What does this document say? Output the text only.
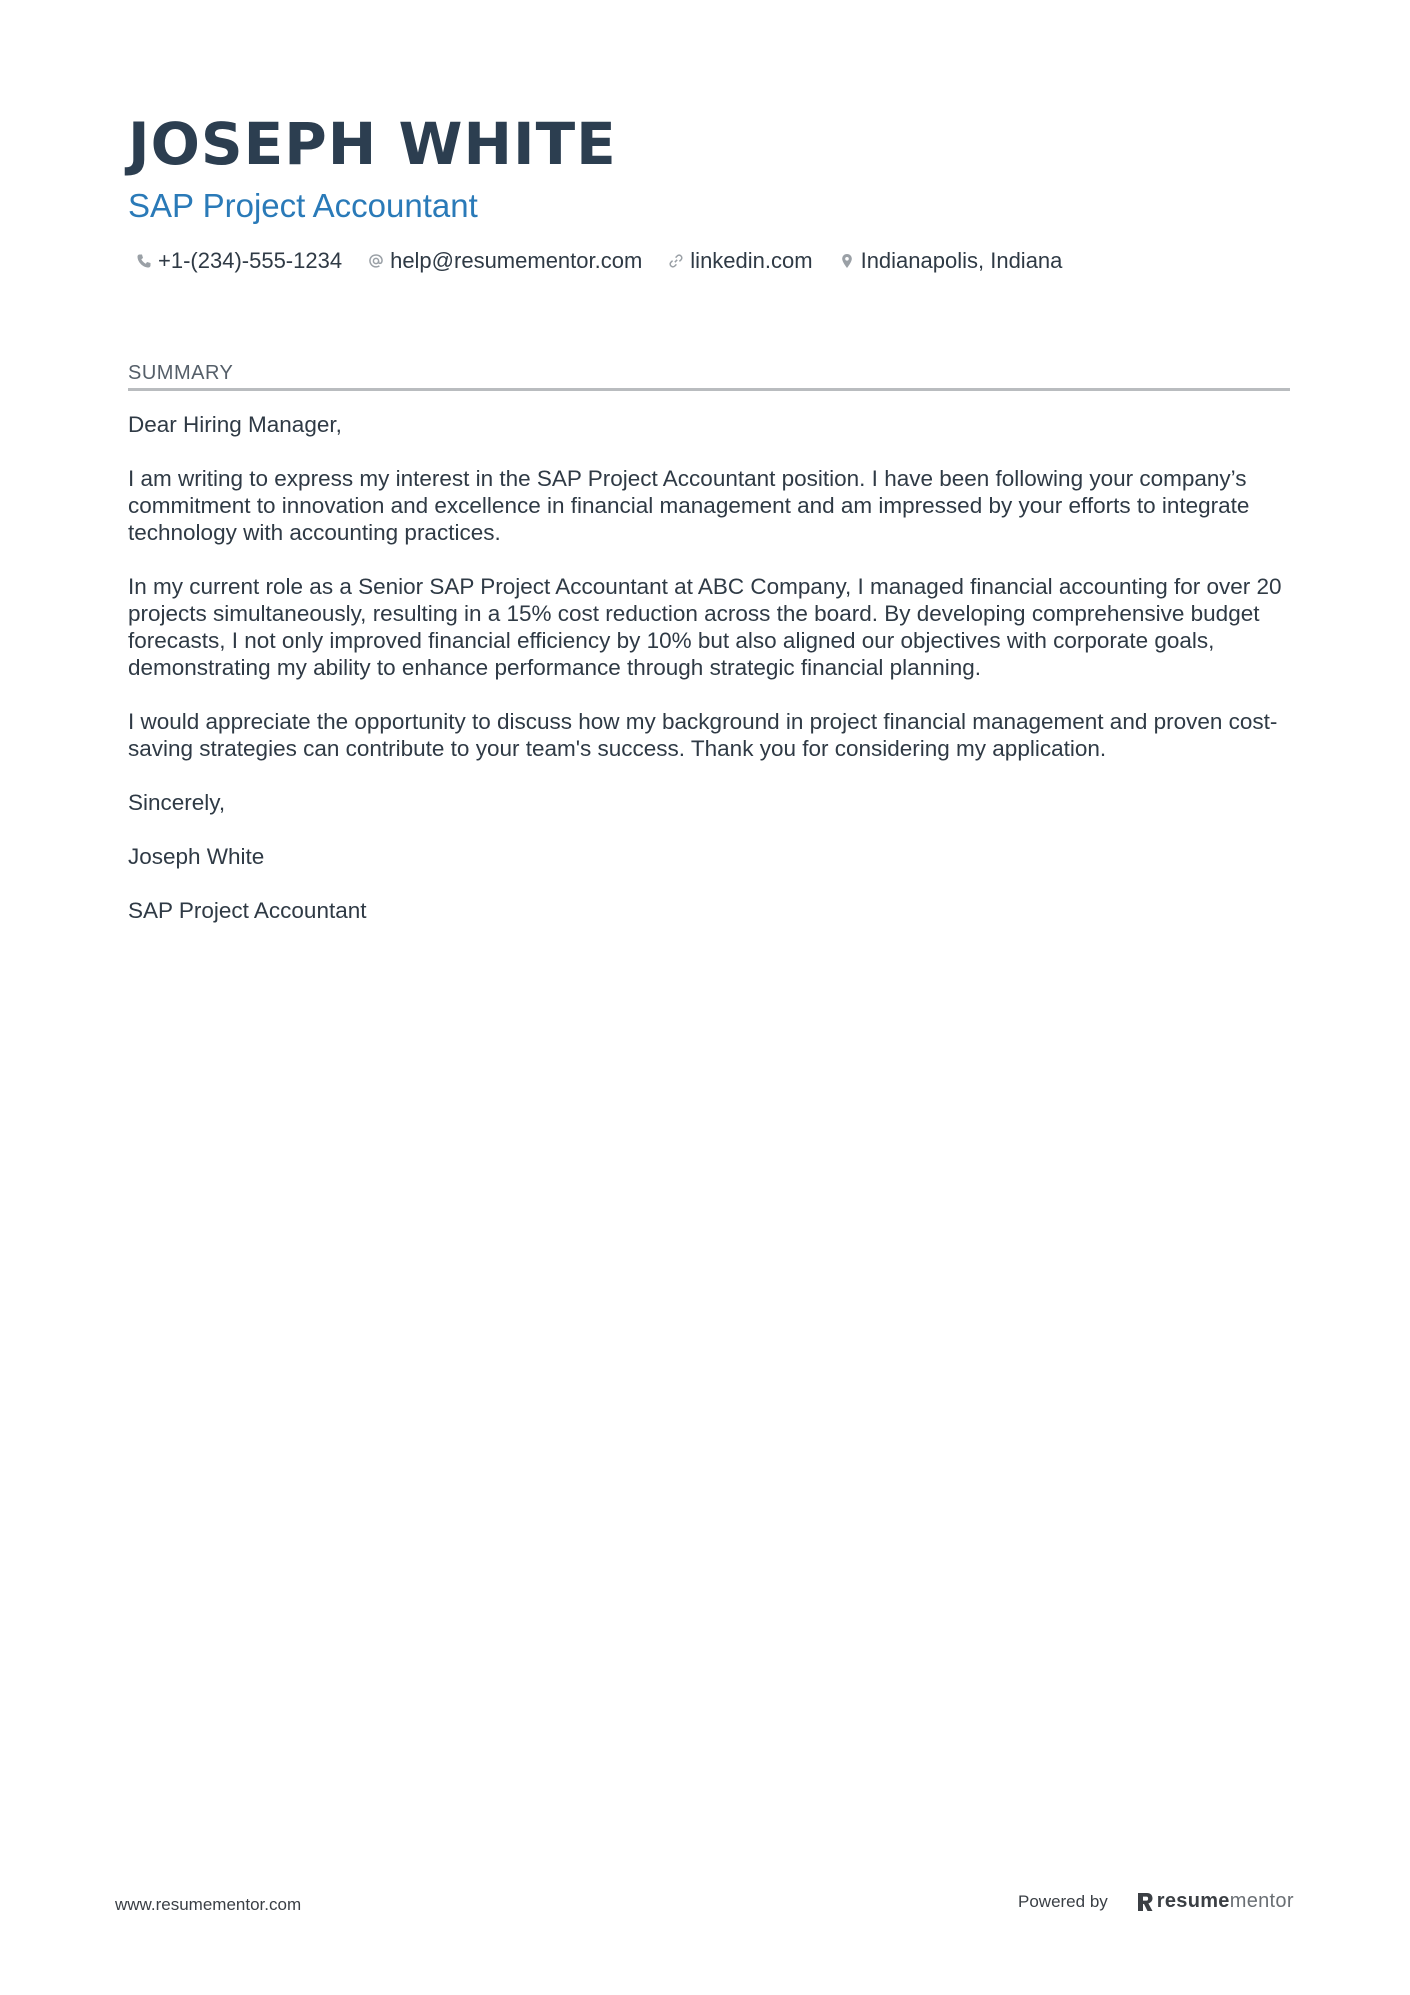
JOSEPH WHITE
SAP Project Accountant
+1-(234)-555-1234 help@resumementor.com linkedin.com Indianapolis, Indiana
SUMMARY

Dear Hiring Manager,

I am writing to express my interest in the SAP Project Accountant position. I have been following your company’s commitment to innovation and excellence in financial management and am impressed by your efforts to integrate technology with accounting practices.

In my current role as a Senior SAP Project Accountant at ABC Company, I managed financial accounting for over 20 projects simultaneously, resulting in a 15% cost reduction across the board. By developing comprehensive budget forecasts, I not only improved financial efficiency by 10% but also aligned our objectives with corporate goals, demonstrating my ability to enhance performance through strategic financial planning.

I would appreciate the opportunity to discuss how my background in project financial management and proven cost-saving strategies can contribute to your team's success. Thank you for considering my application.

Sincerely,

Joseph White

SAP Project Accountant

www.resumementor.com	Powered by resume mentor
